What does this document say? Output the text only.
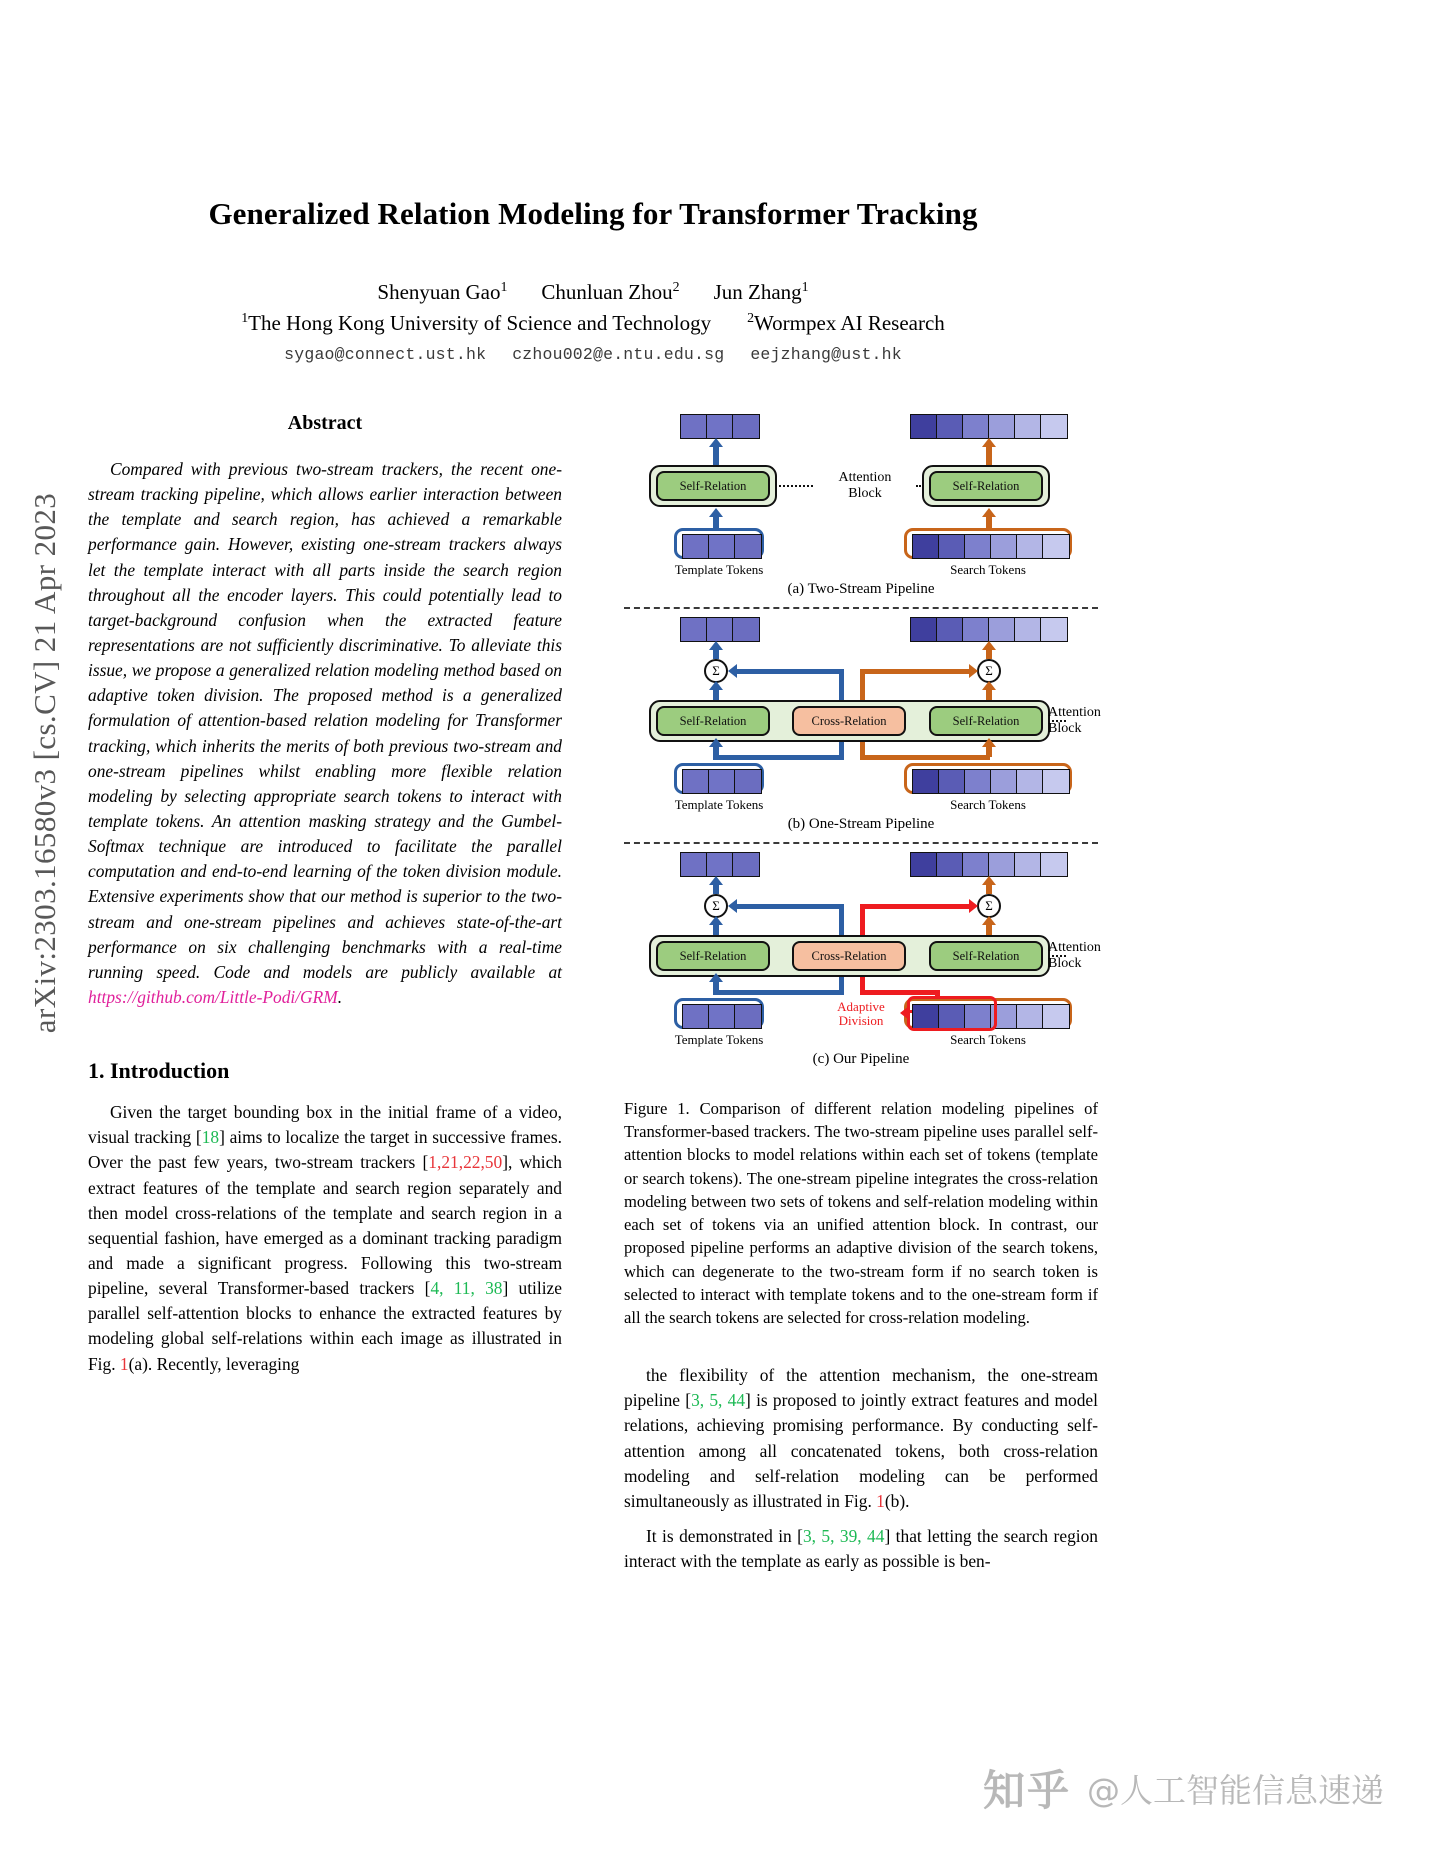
arXiv:2303.16580v3 [cs.CV] 21 Apr 2023
Generalized Relation Modeling for Transformer Tracking
Shenyuan Gao$^1$ Chunluan Zhou$^2$ Jun Zhang$^1$
$^1$The Hong Kong University of Science and Technology	$^2$Wormpex AI Research
sygao@connect.ust.hk czhou002@e.ntu.edu.sg eejzhang@ust.hk
Abstract
Compared with previous two-stream trackers, the recent one-stream tracking pipeline, which allows earlier interaction between the template and search region, has achieved a remarkable performance gain. However, existing one-stream trackers always let the template interact with all parts inside the search region throughout all the encoder layers. This could potentially lead to target-background confusion when the extracted feature representations are not sufficiently discriminative. To alleviate this issue, we propose a generalized relation modeling method based on adaptive token division. The proposed method is a generalized formulation of attention-based relation modeling for Transformer tracking, which inherits the merits of both previous two-stream and one-stream pipelines whilst enabling more flexible relation modeling by selecting appropriate search tokens to interact with template tokens. An attention masking strategy and the Gumbel-Softmax technique are introduced to facilitate the parallel computation and end-to-end learning of the token division module. Extensive experiments show that our method is superior to the two-stream and one-stream pipelines and achieves state-of-the-art performance on six challenging benchmarks with a real-time running speed. Code and models are publicly available at https://github.com/Little-Podi/GRM.
1. Introduction
Given the target bounding box in the initial frame of a video, visual tracking [18] aims to localize the target in successive frames. Over the past few years, two-stream trackers [1,21,22,50], which extract features of the template and search region separately and then model cross-relations of the template and search region in a sequential fashion, have emerged as a dominant tracking paradigm and made a significant progress. Following this two-stream pipeline, several Transformer-based trackers [4, 11, 38] utilize parallel self-attention blocks to enhance the extracted features by modeling global self-relations within each image as illustrated in Fig. 1(a). Recently, leveraging
Self-Relation	Self-Relation
Attention
Block
Template Tokens	Search Tokens
(a) Two-Stream Pipeline
Σ	Σ
Self-Relation	Cross-Relation	Self-Relation
Attention
Block
Template Tokens	Search Tokens
(b) One-Stream Pipeline
Σ	Σ
Self-Relation	Cross-Relation	Self-Relation
Attention
Block
Adaptive
Division
Template Tokens	Search Tokens
(c) Our Pipeline
Figure 1. Comparison of different relation modeling pipelines of Transformer-based trackers. The two-stream pipeline uses parallel self-attention blocks to model relations within each set of tokens (template or search tokens). The one-stream pipeline integrates the cross-relation modeling between two sets of tokens and self-relation modeling within each set of tokens via an unified attention block. In contrast, our proposed pipeline performs an adaptive division of the search tokens, which can degenerate to the two-stream form if no search token is selected to interact with template tokens and to the one-stream form if all the search tokens are selected for cross-relation modeling.
the flexibility of the attention mechanism, the one-stream pipeline [3, 5, 44] is proposed to jointly extract features and model relations, achieving promising performance. By conducting self-attention among all concatenated tokens, both cross-relation modeling and self-relation modeling can be performed simultaneously as illustrated in Fig. 1(b).
It is demonstrated in [3, 5, 39, 44] that letting the search region interact with the template as early as possible is ben-
知乎 @人工智能信息速递
